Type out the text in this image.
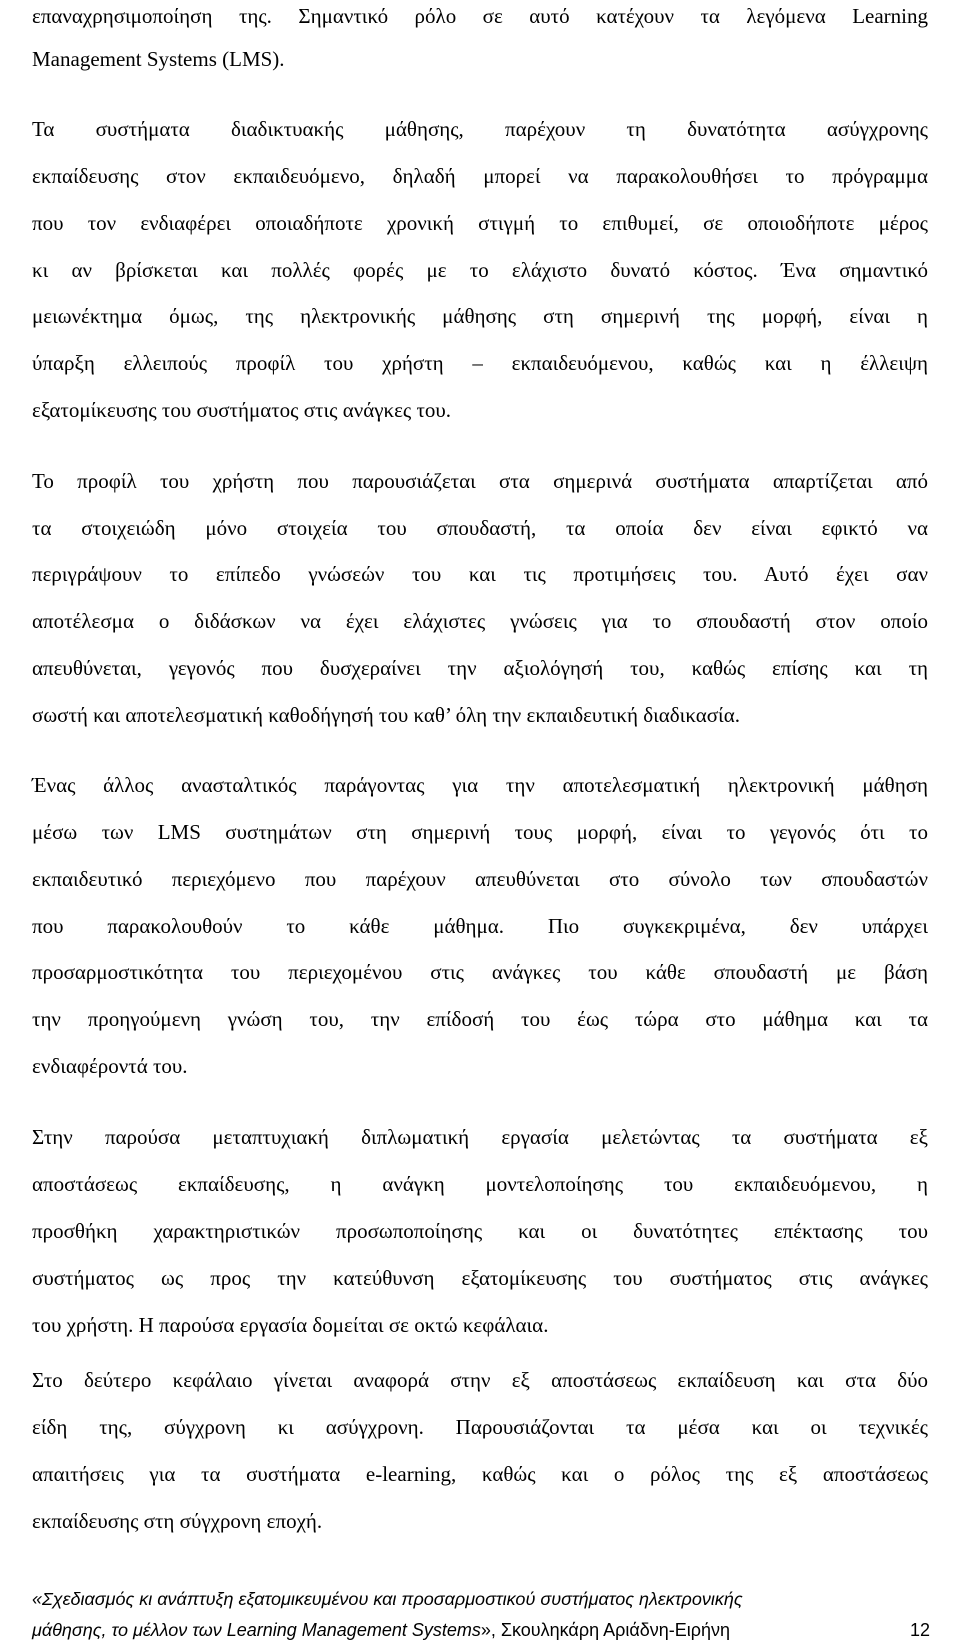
επαναχρησιμοποίηση της. Σημαντικό ρόλο σε αυτό κατέχουν τα λεγόμενα Learning
Management Systems (LMS).
Τα συστήματα διαδικτυακής μάθησης, παρέχουν τη δυνατότητα ασύγχρονης
εκπαίδευσης στον εκπαιδευόμενο, δηλαδή μπορεί να παρακολουθήσει το πρόγραμμα
που τον ενδιαφέρει οποιαδήποτε χρονική στιγμή το επιθυμεί, σε οποιοδήποτε μέρος
κι αν βρίσκεται και πολλές φορές με το ελάχιστο δυνατό κόστος. Ένα σημαντικό
μειωνέκτημα όμως, της ηλεκτρονικής μάθησης στη σημερινή της μορφή, είναι η
ύπαρξη ελλειπούς προφίλ του χρήστη – εκπαιδευόμενου, καθώς και η έλλειψη
εξατομίκευσης του συστήματος στις ανάγκες του.
Το προφίλ του χρήστη που παρουσιάζεται στα σημερινά συστήματα απαρτίζεται από
τα στοιχειώδη μόνο στοιχεία του σπουδαστή, τα οποία δεν είναι εφικτό να
περιγράψουν το επίπεδο γνώσεών του και τις προτιμήσεις του. Αυτό έχει σαν
αποτέλεσμα ο διδάσκων να έχει ελάχιστες γνώσεις για το σπουδαστή στον οποίο
απευθύνεται, γεγονός που δυσχεραίνει την αξιολόγησή του, καθώς επίσης και τη
σωστή και αποτελεσματική καθοδήγησή του καθ’ όλη την εκπαιδευτική διαδικασία.
Ένας άλλος ανασταλτικός παράγοντας για την αποτελεσματική ηλεκτρονική μάθηση
μέσω των LMS συστημάτων στη σημερινή τους μορφή, είναι το γεγονός ότι το
εκπαιδευτικό περιεχόμενο που παρέχουν απευθύνεται στο σύνολο των σπουδαστών
που παρακολουθούν το κάθε μάθημα. Πιο συγκεκριμένα, δεν υπάρχει
προσαρμοστικότητα του περιεχομένου στις ανάγκες του κάθε σπουδαστή με βάση
την προηγούμενη γνώση του, την επίδοσή του έως τώρα στο μάθημα και τα
ενδιαφέροντά του.
Στην παρούσα μεταπτυχιακή διπλωματική εργασία μελετώντας τα συστήματα εξ
αποστάσεως εκπαίδευσης, η ανάγκη μοντελοποίησης του εκπαιδευόμενου, η
προσθήκη χαρακτηριστικών προσωποποίησης και οι δυνατότητες επέκτασης του
συστήματος ως προς την κατεύθυνση εξατομίκευσης του συστήματος στις ανάγκες
του χρήστη. Η παρούσα εργασία δομείται σε οκτώ κεφάλαια.
Στο δεύτερο κεφάλαιο γίνεται αναφορά στην εξ αποστάσεως εκπαίδευση και στα δύο
είδη της, σύγχρονη κι ασύγχρονη. Παρουσιάζονται τα μέσα και οι τεχνικές
απαιτήσεις για τα συστήματα e-learning, καθώς και ο ρόλος της εξ αποστάσεως
εκπαίδευσης στη σύγχρονη εποχή.
«Σχεδιασμός κι ανάπτυξη εξατομικευμένου και προσαρμοστικού συστήματος ηλεκτρονικής
μάθησης, το μέλλον των Learning Management Systems», Σκουληκάρη Αριάδνη-Ειρήνη	12
